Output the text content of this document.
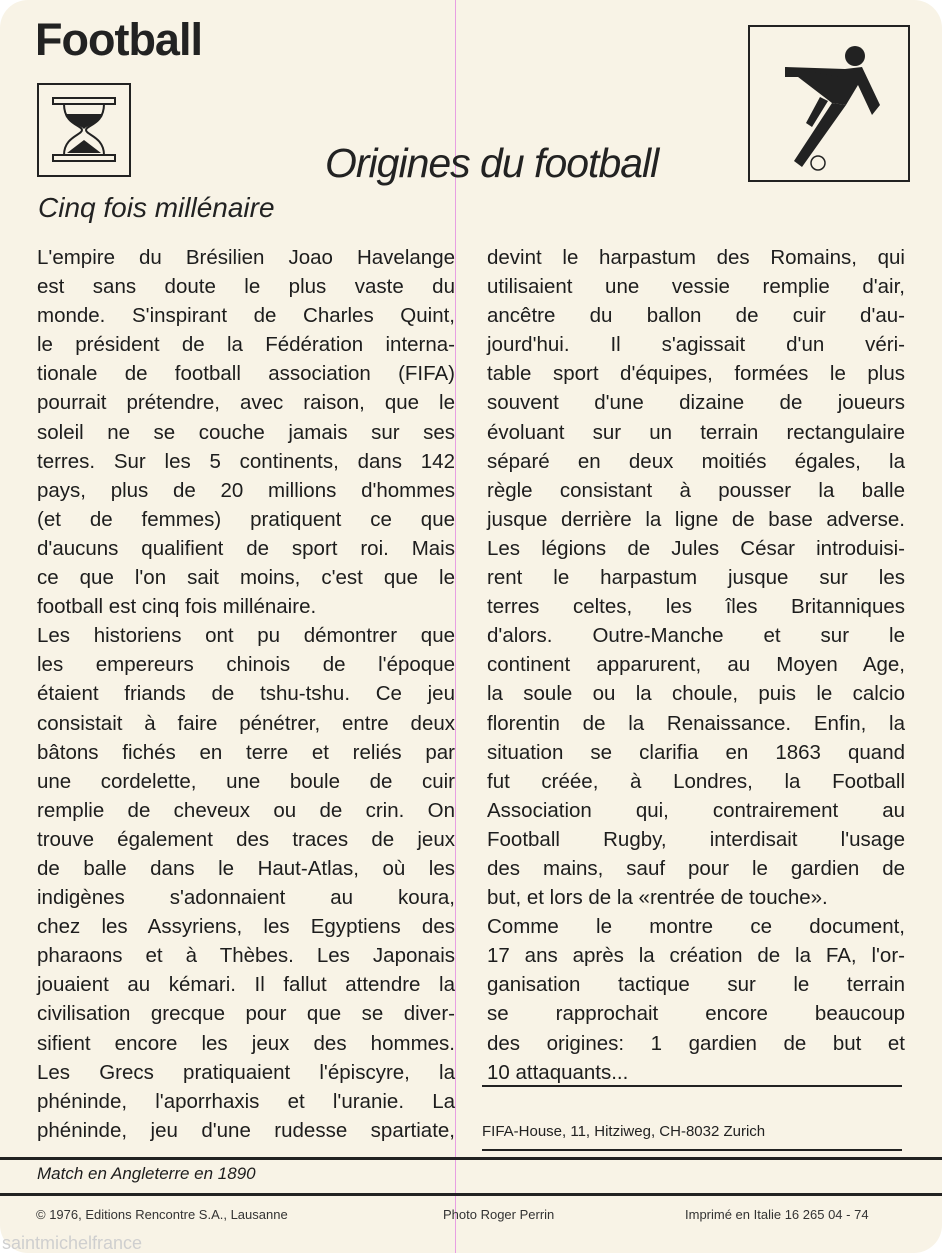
Football
Origines du football
Cinq fois millénaire
L'empire du Brésilien Joao Havelange
est sans doute le plus vaste du
monde. S'inspirant de Charles Quint,
le président de la Fédération interna-
tionale de football association (FIFA)
pourrait prétendre, avec raison, que le
soleil ne se couche jamais sur ses
terres. Sur les 5 continents, dans 142
pays, plus de 20 millions d'hommes
(et de femmes) pratiquent ce que
d'aucuns qualifient de sport roi. Mais
ce que l'on sait moins, c'est que le
football est cinq fois millénaire.
Les historiens ont pu démontrer que
les empereurs chinois de l'époque
étaient friands de tshu-tshu. Ce jeu
consistait à faire pénétrer, entre deux
bâtons fichés en terre et reliés par
une cordelette, une boule de cuir
remplie de cheveux ou de crin. On
trouve également des traces de jeux
de balle dans le Haut-Atlas, où les
indigènes s'adonnaient au koura,
chez les Assyriens, les Egyptiens des
pharaons et à Thèbes. Les Japonais
jouaient au kémari. Il fallut attendre la
civilisation grecque pour que se diver-
sifient encore les jeux des hommes.
Les Grecs pratiquaient l'épiscyre, la
phéninde, l'aporrhaxis et l'uranie. La
phéninde, jeu d'une rudesse spartiate,
devint le harpastum des Romains, qui
utilisaient une vessie remplie d'air,
ancêtre du ballon de cuir d'au-
jourd'hui. Il s'agissait d'un véri-
table sport d'équipes, formées le plus
souvent d'une dizaine de joueurs
évoluant sur un terrain rectangulaire
séparé en deux moitiés égales, la
règle consistant à pousser la balle
jusque derrière la ligne de base adverse.
Les légions de Jules César introduisi-
rent le harpastum jusque sur les
terres celtes, les îles Britanniques
d'alors. Outre-Manche et sur le
continent apparurent, au Moyen Age,
la soule ou la choule, puis le calcio
florentin de la Renaissance. Enfin, la
situation se clarifia en 1863 quand
fut créée, à Londres, la Football
Association qui, contrairement au
Football Rugby, interdisait l'usage
des mains, sauf pour le gardien de
but, et lors de la «rentrée de touche».
Comme le montre ce document,
17 ans après la création de la FA, l'or-
ganisation tactique sur le terrain
se rapprochait encore beaucoup
des origines: 1 gardien de but et
10 attaquants...
FIFA-House, 11, Hitziweg, CH-8032 Zurich
Match en Angleterre en 1890
© 1976, Editions Rencontre S.A., Lausanne	Photo Roger Perrin	Imprimé en Italie 16 265 04 - 74
saintmichelfrance
